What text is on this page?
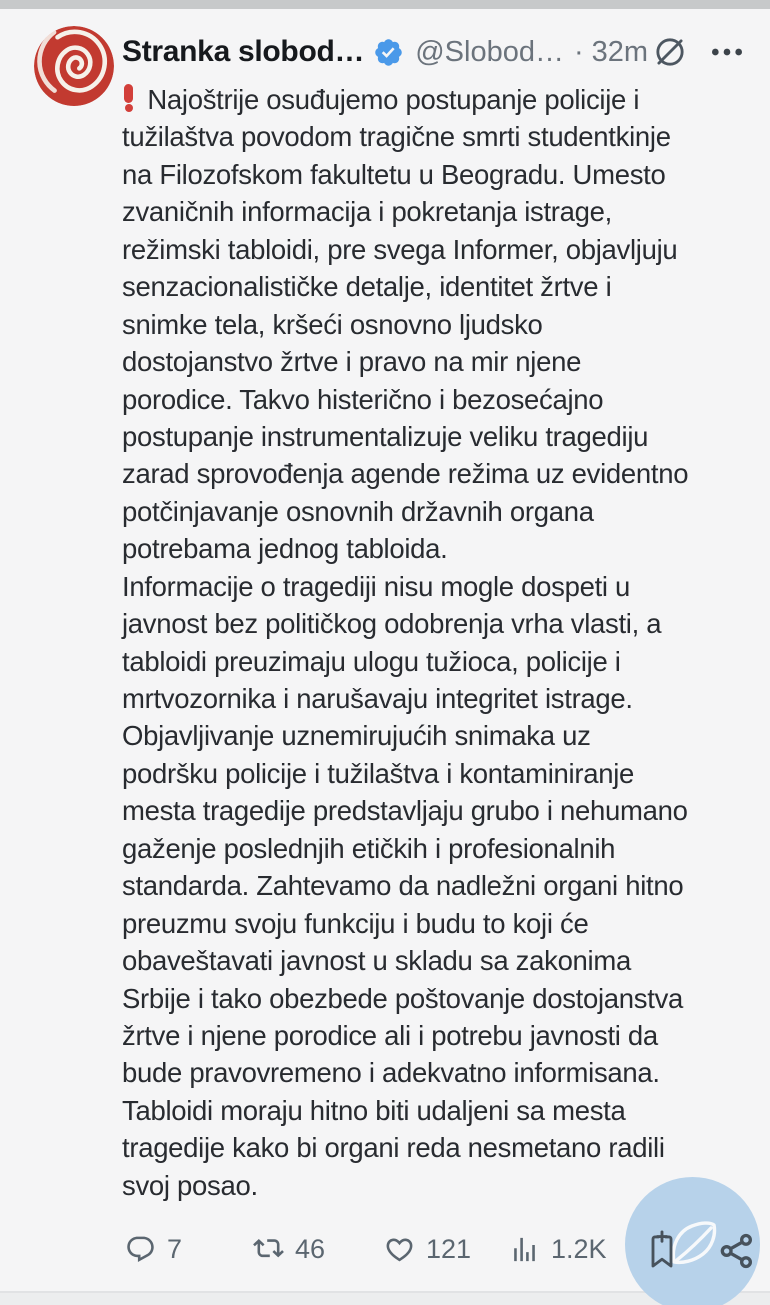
Stranka slobod… @Slobod… · 32m
Najoštrije osuđujemo postupanje policije i
tužilaštva povodom tragične smrti studentkinje
na Filozofskom fakultetu u Beogradu. Umesto
zvaničnih informacija i pokretanja istrage,
režimski tabloidi, pre svega Informer, objavljuju
senzacionalističke detalje, identitet žrtve i
snimke tela, kršeći osnovno ljudsko
dostojanstvo žrtve i pravo na mir njene
porodice. Takvo histerično i bezosećajno
postupanje instrumentalizuje veliku tragediju
zarad sprovođenja agende režima uz evidentno
potčinjavanje osnovnih državnih organa
potrebama jednog tabloida.
Informacije o tragediji nisu mogle dospeti u
javnost bez političkog odobrenja vrha vlasti, a
tabloidi preuzimaju ulogu tužioca, policije i
mrtvozornika i narušavaju integritet istrage.
Objavljivanje uznemirujućih snimaka uz
podršku policije i tužilaštva i kontaminiranje
mesta tragedije predstavljaju grubo i nehumano
gaženje poslednjih etičkih i profesionalnih
standarda. Zahtevamo da nadležni organi hitno
preuzmu svoju funkciju i budu to koji će
obaveštavati javnost u skladu sa zakonima
Srbije i tako obezbede poštovanje dostojanstva
žrtve i njene porodice ali i potrebu javnosti da
bude pravovremeno i adekvatno informisana.
Tabloidi moraju hitno biti udaljeni sa mesta
tragedije kako bi organi reda nesmetano radili
svoj posao.
7	46	121	1.2K
